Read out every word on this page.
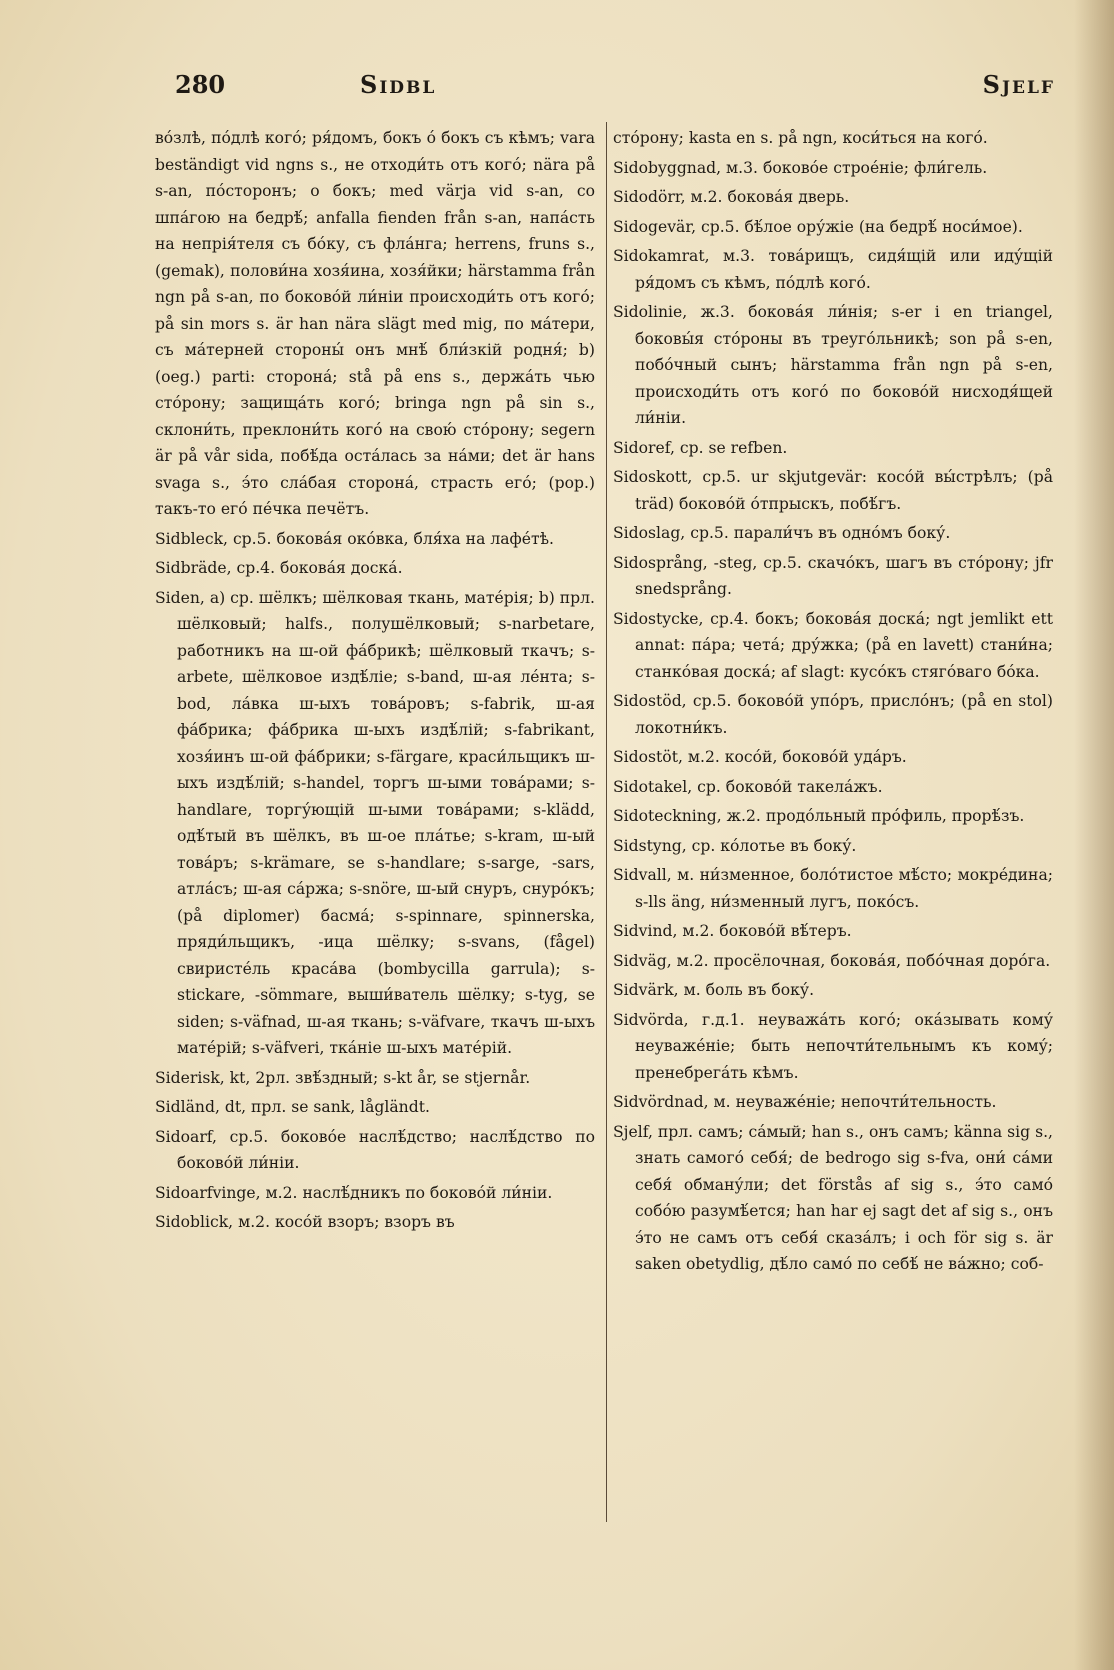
280	Sidbl	Sjelf

во́злѣ, по́длѣ кого́; ря́домъ, бокъ о́ бокъ съ кѣмъ; vara beständigt vid ngns s., не отходи́ть отъ кого́; nära på s-an, по́сторонъ; о бокъ; med värja vid s-an, со шпа́гою на бедрѣ́; anfalla fienden från s-an, напа́сть на непрія́теля съ бо́ку, съ фла́нга; herrens, fruns s., (gemak), полови́на хозя́ина, хозя́йки; härstamma från ngn på s-an, по боково́й ли́ніи происходи́ть отъ кого́; på sin mors s. är han nära slägt med mig, по ма́тери, съ ма́терней стороны́ онъ мнѣ́ бли́зкій родня́; b) (oeg.) parti: сторона́; stå på ens s., держа́ть чью сто́рону; защища́ть кого́; bringa ngn på sin s., склони́ть, преклони́ть кого́ на свою́ сто́рону; segern är på vår sida, побѣ́да оста́лась за на́ми; det är hans svaga s., э́то сла́бая сторона́, страсть его́; (pop.) такъ-то его́ пе́чка печётъ.

Sidbleck, ср.5. бокова́я око́вка, бля́ха на лафе́тѣ.

Sidbräde, ср.4. бокова́я доска́.

Siden, а) ср. шёлкъ; шёлковая ткань, мате́рія; b) прл. шёлковый; halfs., полушёлковый; s-narbetare, работникъ на ш-ой фа́брикѣ; шёлковый ткачъ; s-arbete, шёлковое издѣ́ліе; s-band, ш-ая ле́нта; s-bod, ла́вка ш-ыхъ това́ровъ; s-fabrik, ш-ая фа́брика; фа́брика ш-ыхъ издѣ́лій; s-fabrikant, хозя́инъ ш-ой фа́брики; s-färgare, краси́льщикъ ш-ыхъ издѣ́лій; s-handel, торгъ ш-ыми това́рами; s-handlare, торгу́ющій ш-ыми това́рами; s-klädd, одѣ́тый въ шёлкъ, въ ш-ое пла́тье; s-kram, ш-ый това́ръ; s-krämare, se s-handlare; s-sarge, -sars, атла́съ; ш-ая са́ржа; s-snöre, ш-ый снуръ, снуро́къ; (på diplomer) басма́; s-spinnare, spinnerska, пряди́льщикъ, -ица шёлку; s-svans, (fågel) свиристе́ль краса́ва (bombycilla garrula); s-stickare, -sömmare, выши́ватель шёлку; s-tyg, se siden; s-väfnad, ш-ая ткань; s-väfvare, ткачъ ш-ыхъ мате́рій; s-väfveri, тка́ніе ш-ыхъ мате́рій.

Siderisk, kt, 2рл. звѣ́здный; s-kt år, se stjernår.

Sidländ, dt, прл. se sank, lågländt.

Sidoarf, ср.5. боково́е наслѣ́дство; наслѣ́дство по боково́й ли́ніи.

Sidoarfvinge, м.2. наслѣ́дникъ по боково́й ли́ніи.

Sidoblick, м.2. косо́й взоръ; взоръ въ

сто́рону; kasta en s. på ngn, коси́ться на кого́.

Sidobyggnad, м.3. боково́е строе́ніе; фли́гель.

Sidodörr, м.2. бокова́я дверь.

Sidogevär, ср.5. бѣ́лое ору́жіе (на бедрѣ́ носи́мое).

Sidokamrat, м.3. това́рищъ, сидя́щій или иду́щій ря́домъ съ кѣмъ, по́длѣ кого́.

Sidolinie, ж.3. бокова́я ли́нія; s-er i en triangel, боковы́я сто́роны въ треуго́льникѣ; son på s-en, побо́чный сынъ; härstamma från ngn på s-en, происходи́ть отъ кого́ по боково́й нисходя́щей ли́ніи.

Sidoref, ср. se refben.

Sidoskott, ср.5. ur skjutgevär: косо́й вы́стрѣлъ; (på träd) боково́й о́тпрыскъ, побѣ́гъ.

Sidoslag, ср.5. парали́чъ въ одно́мъ боку́.

Sidosprång, -steg, ср.5. скачо́къ, шагъ въ сто́рону; jfr snedsprång.

Sidostycke, ср.4. бокъ; бокова́я доска́; ngt jemlikt ett annat: па́ра; чета́; дру́жка; (på en lavett) стани́на; станко́вая доска́; af slagt: кусо́къ стяго́ваго бо́ка.

Sidostöd, ср.5. боково́й упо́ръ, присло́нъ; (på en stol) локотни́къ.

Sidostöt, м.2. косо́й, боково́й уда́ръ.

Sidotakel, ср. боково́й такела́жъ.

Sidoteckning, ж.2. продо́льный про́филь, прорѣ́зъ.

Sidstyng, ср. ко́лотье въ боку́.

Sidvall, м. ни́зменное, боло́тистое мѣ́сто; мокре́дина; s-lls äng, ни́зменный лугъ, поко́съ.

Sidvind, м.2. боково́й вѣ́теръ.

Sidväg, м.2. просёлочная, бокова́я, побо́чная доро́га.

Sidvärk, м. боль въ боку́.

Sidvörda, г.д.1. неуважа́ть кого́; ока́зывать кому́ неуваже́ніе; быть непочти́тельнымъ къ кому́; пренебрега́ть кѣмъ.

Sidvördnad, м. неуваже́ніе; непочти́тельность.

Sjelf, прл. самъ; са́мый; han s., онъ самъ; känna sig s., знать самого́ себя́; de bedrogo sig s-fva, они́ са́ми себя́ обману́ли; det förstås af sig s., э́то само́ собо́ю разумѣ́ется; han har ej sagt det af sig s., онъ э́то не самъ отъ себя́ сказа́лъ; i och för sig s. är saken obetydlig, дѣ́ло само́ по себѣ́ не ва́жно; соб-
